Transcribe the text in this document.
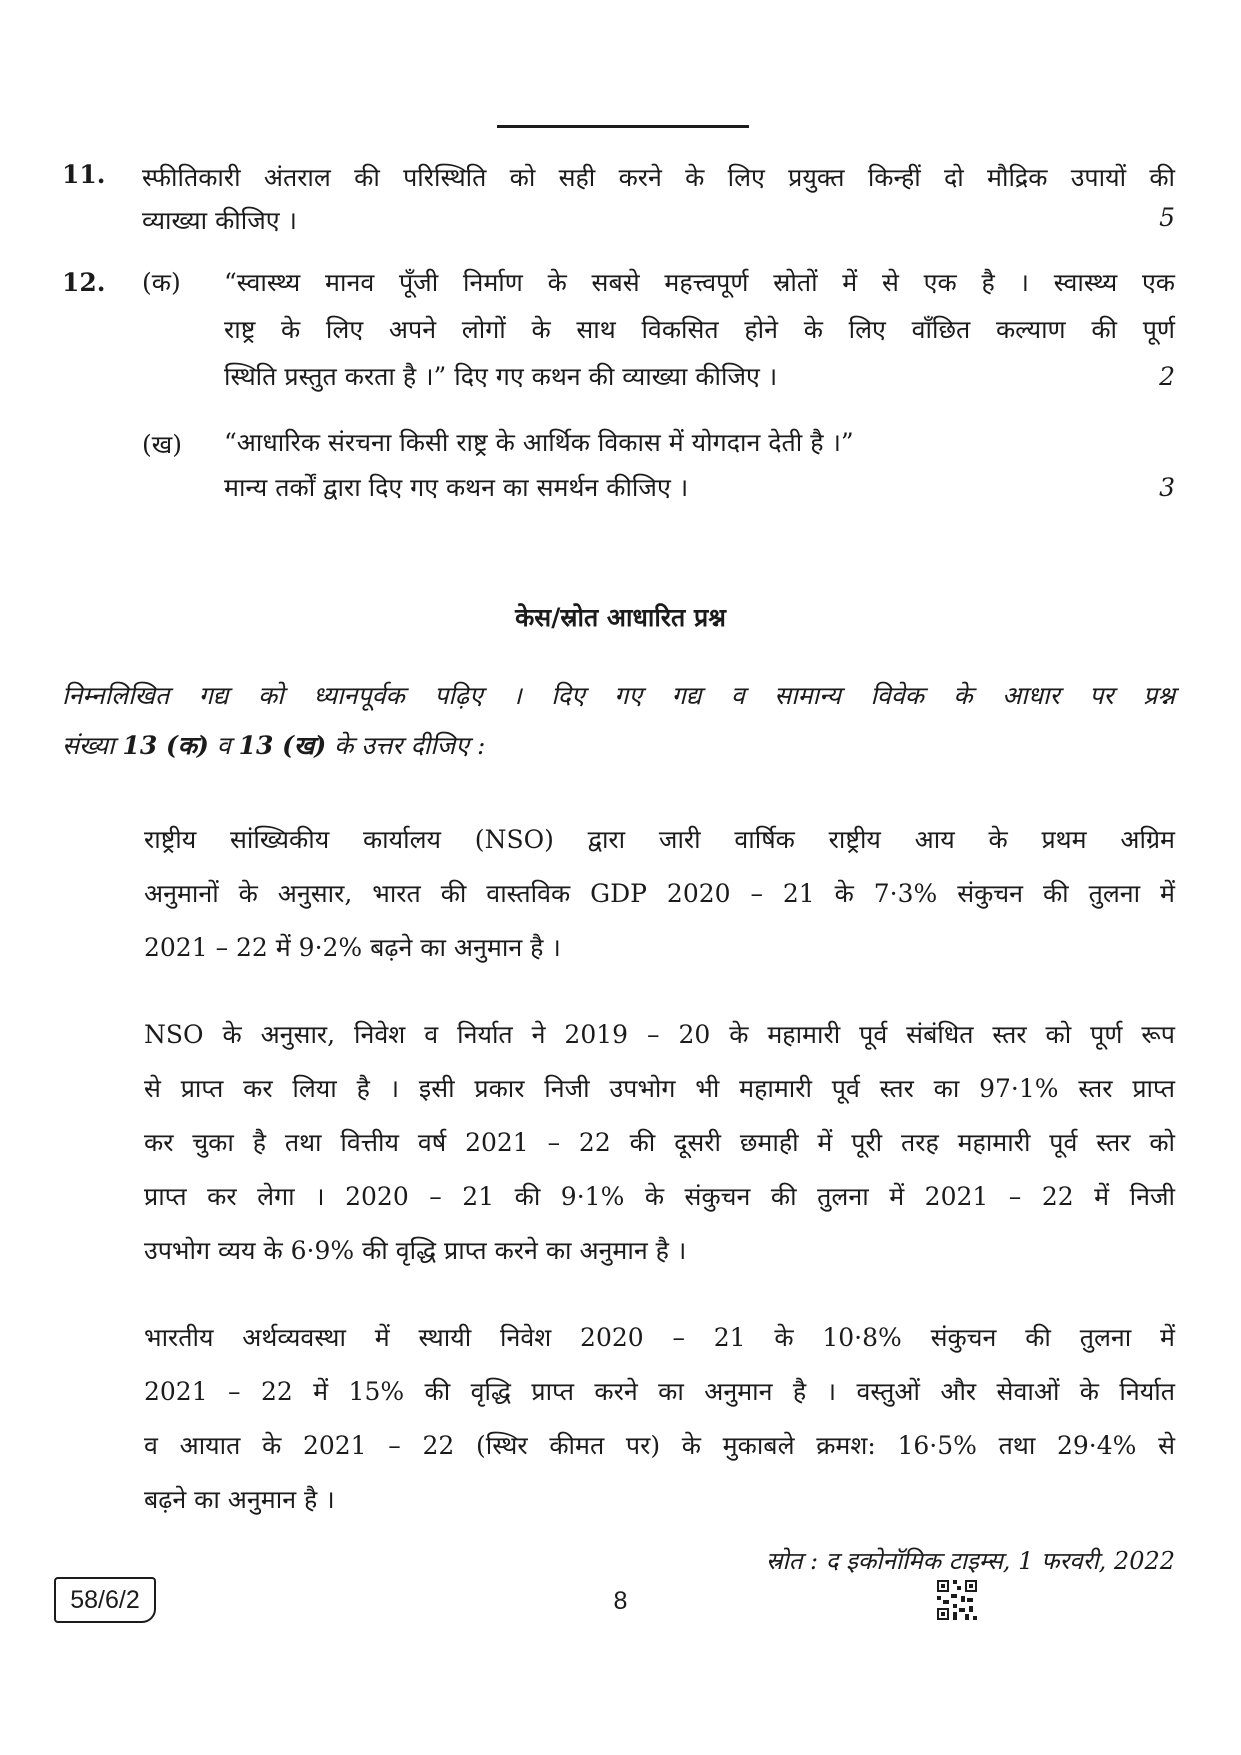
11. स्फीतिकारी अंतराल की परिस्थिति को सही करने के लिए प्रयुक्त किन्हीं दो मौद्रिक उपायों की
व्याख्या कीजिए ।	5
12. (क) “स्वास्थ्य मानव पूँजी निर्माण के सबसे महत्त्वपूर्ण स्रोतों में से एक है । स्वास्थ्य एक
राष्ट्र के लिए अपने लोगों के साथ विकसित होने के लिए वाँछित कल्याण की पूर्ण
स्थिति प्रस्तुत करता है ।” दिए गए कथन की व्याख्या कीजिए ।	2
(ख) “आधारिक संरचना किसी राष्ट्र के आर्थिक विकास में योगदान देती है ।”
मान्य तर्कों द्वारा दिए गए कथन का समर्थन कीजिए ।	3
केस/स्रोत आधारित प्रश्न
निम्नलिखित गद्य को ध्यानपूर्वक पढ़िए । दिए गए गद्य व सामान्य विवेक के आधार पर प्रश्न
संख्या 13 (क) व 13 (ख) के उत्तर दीजिए :
राष्ट्रीय सांख्यिकीय कार्यालय (NSO) द्वारा जारी वार्षिक राष्ट्रीय आय के प्रथम अग्रिम
अनुमानों के अनुसार, भारत की वास्तविक GDP 2020 – 21 के 7·3% संकुचन की तुलना में
2021 – 22 में 9·2% बढ़ने का अनुमान है ।
NSO के अनुसार, निवेश व निर्यात ने 2019 – 20 के महामारी पूर्व संबंधित स्तर को पूर्ण रूप
से प्राप्त कर लिया है । इसी प्रकार निजी उपभोग भी महामारी पूर्व स्तर का 97·1% स्तर प्राप्त
कर चुका है तथा वित्तीय वर्ष 2021 – 22 की दूसरी छमाही में पूरी तरह महामारी पूर्व स्तर को
प्राप्त कर लेगा । 2020 – 21 की 9·1% के संकुचन की तुलना में 2021 – 22 में निजी
उपभोग व्यय के 6·9% की वृद्धि प्राप्त करने का अनुमान है ।
भारतीय अर्थव्यवस्था में स्थायी निवेश 2020 – 21 के 10·8% संकुचन की तुलना में
2021 – 22 में 15% की वृद्धि प्राप्त करने का अनुमान है । वस्तुओं और सेवाओं के निर्यात
व आयात के 2021 – 22 (स्थिर कीमत पर) के मुकाबले क्रमश: 16·5% तथा 29·4% से
बढ़ने का अनुमान है ।
स्रोत : द इकोनॉमिक टाइम्स, 1 फरवरी, 2022
58/6/2	8
